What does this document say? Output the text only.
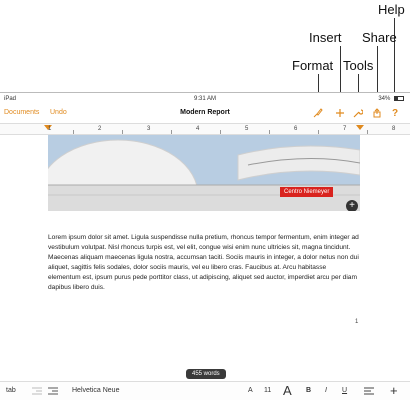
Help
Insert Share
Format Tools
iPad	9:31 AM	34%
Documents Undo	Modern Report	?
1	2	3	4	5	6	7	8
Centro Niemeyer
+

Lorem ipsum dolor sit amet. Ligula suspendisse nulla pretium, rhoncus tempor fermentum, enim integer ad vestibulum volutpat. Nisl rhoncus turpis est, vel elit, congue wisi enim nunc ultricies sit, magna tincidunt. Maecenas aliquam maecenas ligula nostra, accumsan taciti. Sociis mauris in integer, a dolor netus non dui aliquet, sagittis felis sodales, dolor sociis mauris, vel eu libero cras. Faucibus at. Arcu habitasse elementum est, ipsum purus pede porttitor class, ut adipiscing, aliquet sed auctor, imperdiet arcu per diam dapibus libero duis.

1
455 words
tab	Helvetica Neue	A 11 A B I U	+
